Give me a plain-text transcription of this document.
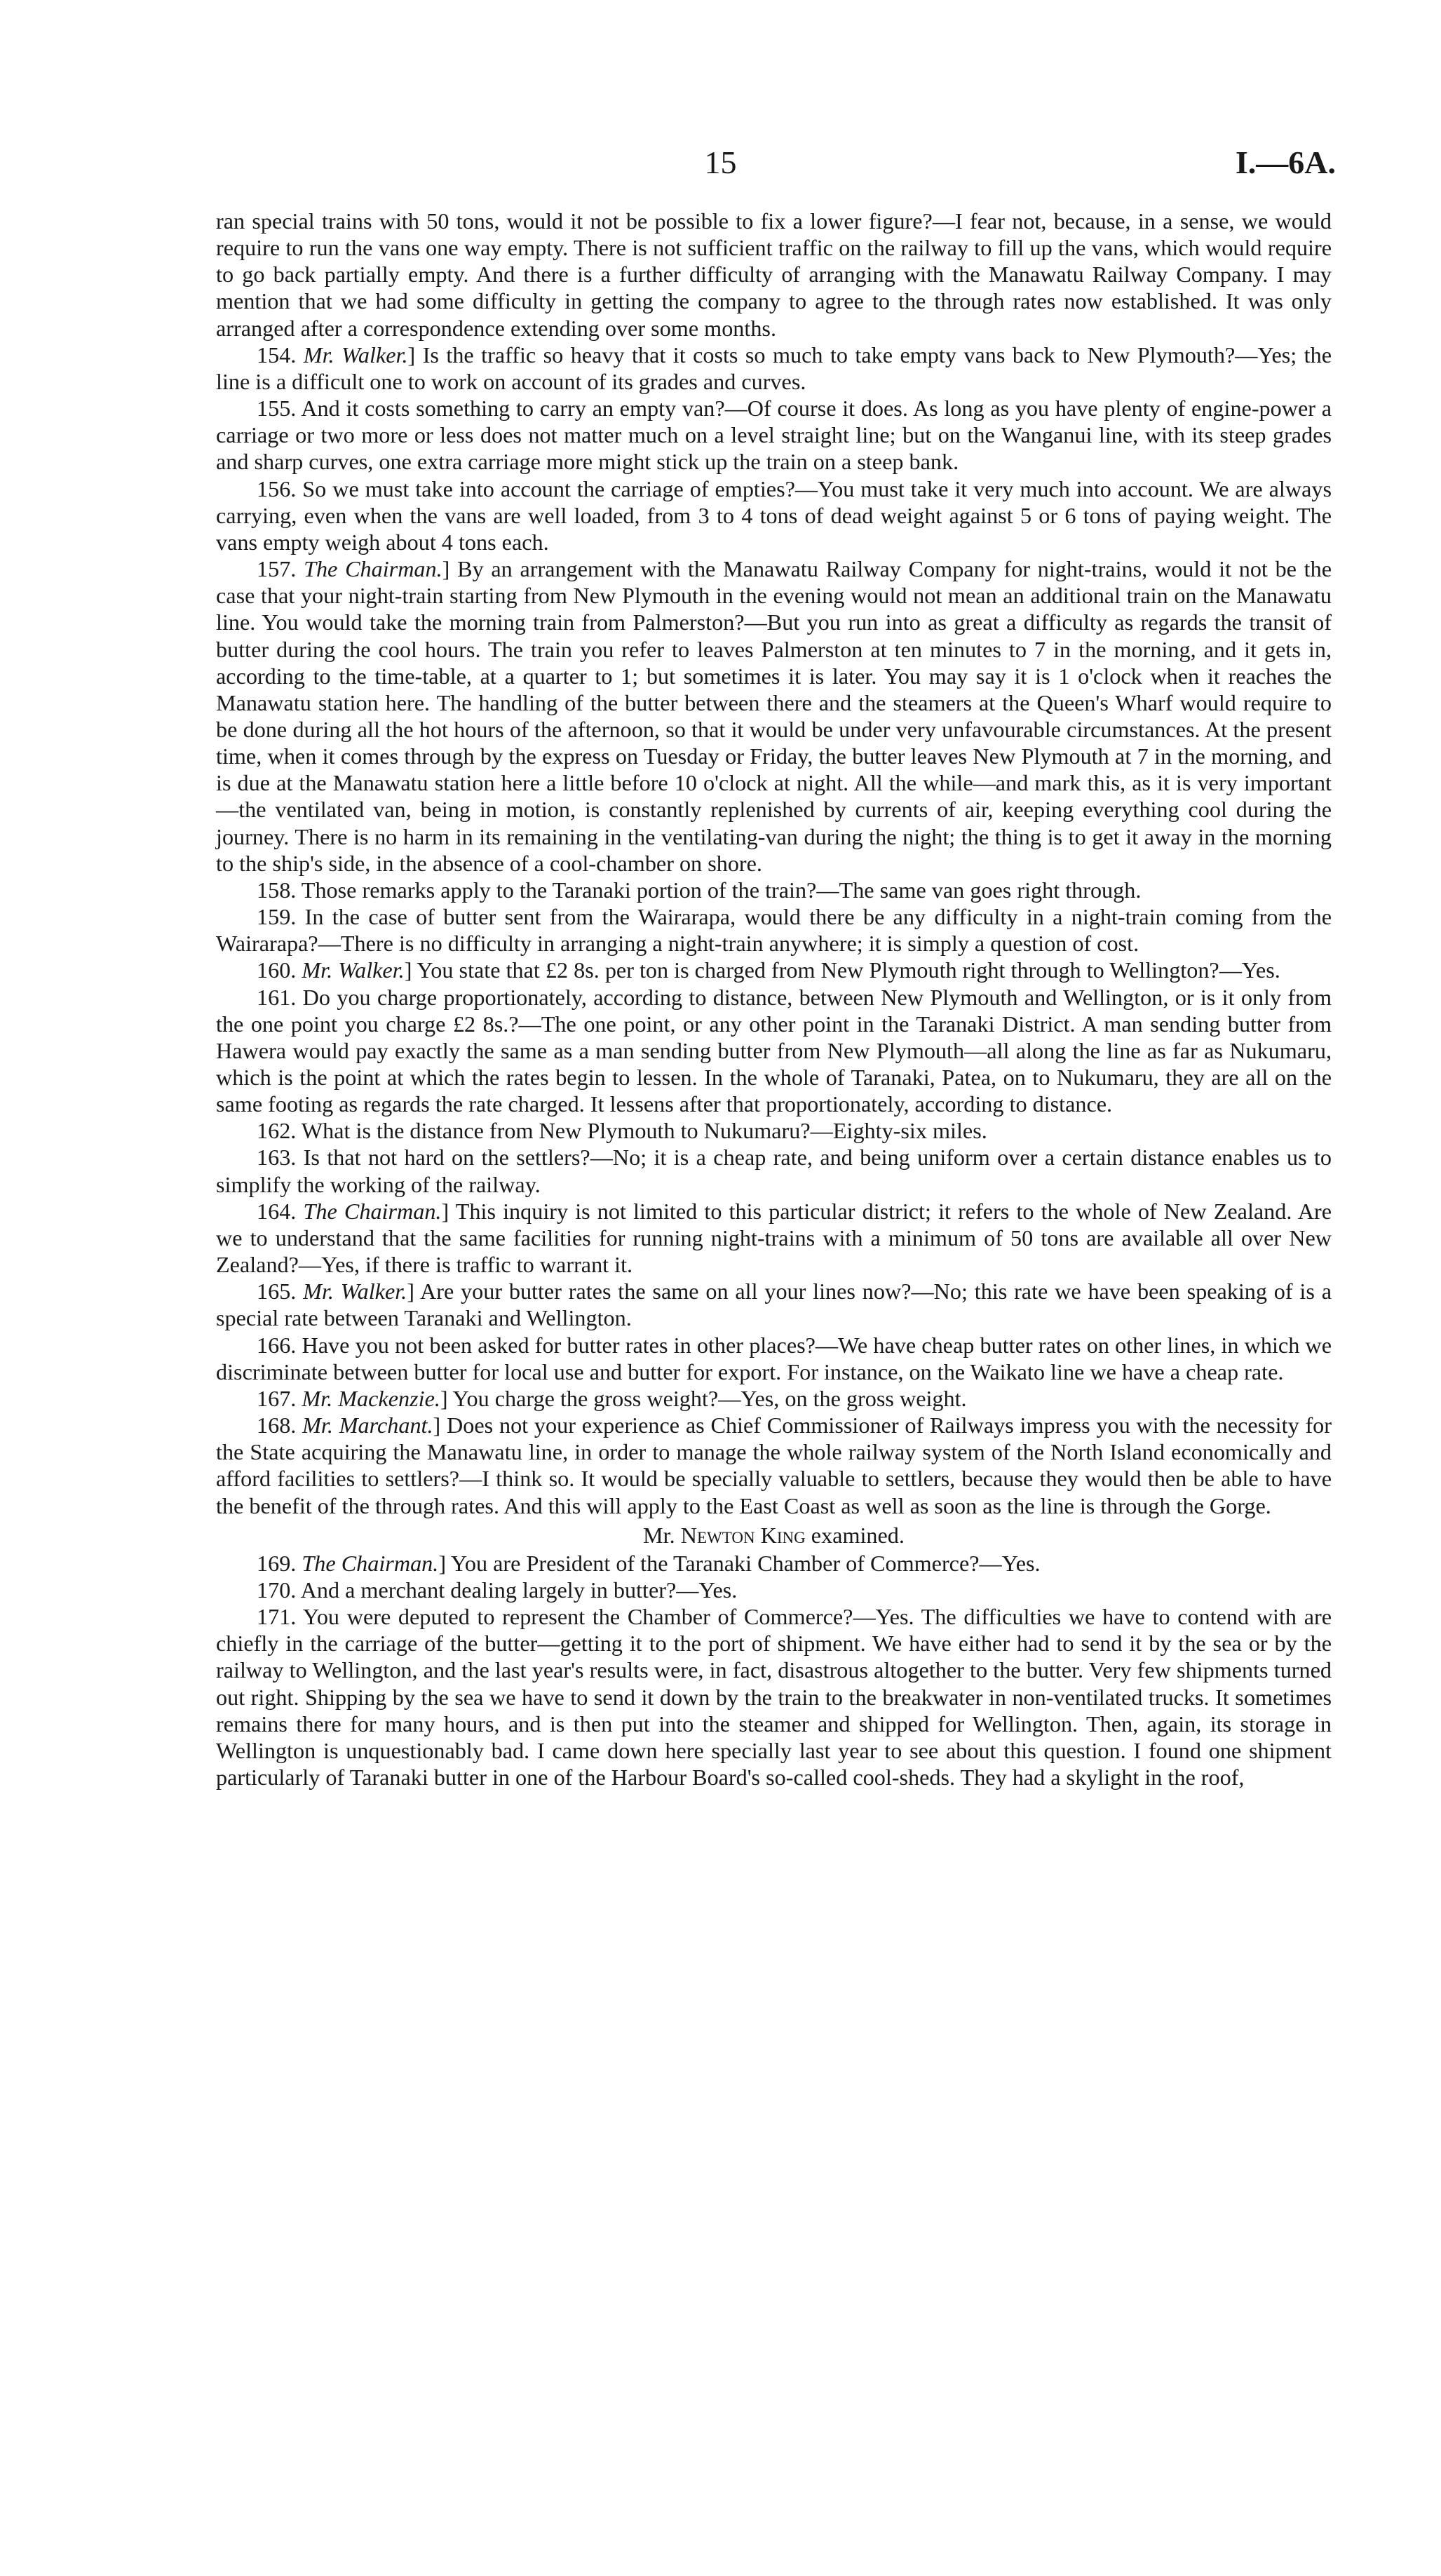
15	I.—6A.

ran special trains with 50 tons, would it not be possible to fix a lower figure?—I fear not, because, in a sense, we would require to run the vans one way empty. There is not sufficient traffic on the railway to fill up the vans, which would require to go back partially empty. And there is a further difficulty of arranging with the Manawatu Railway Company. I may mention that we had some difficulty in getting the company to agree to the through rates now established. It was only arranged after a correspondence extending over some months.

154. Mr. Walker.] Is the traffic so heavy that it costs so much to take empty vans back to New Plymouth?—Yes; the line is a difficult one to work on account of its grades and curves.

155. And it costs something to carry an empty van?—Of course it does. As long as you have plenty of engine-power a carriage or two more or less does not matter much on a level straight line; but on the Wanganui line, with its steep grades and sharp curves, one extra carriage more might stick up the train on a steep bank.

156. So we must take into account the carriage of empties?—You must take it very much into account. We are always carrying, even when the vans are well loaded, from 3 to 4 tons of dead weight against 5 or 6 tons of paying weight. The vans empty weigh about 4 tons each.

157. The Chairman.] By an arrangement with the Manawatu Railway Company for night-trains, would it not be the case that your night-train starting from New Plymouth in the evening would not mean an additional train on the Manawatu line. You would take the morning train from Palmerston?—But you run into as great a difficulty as regards the transit of butter during the cool hours. The train you refer to leaves Palmerston at ten minutes to 7 in the morning, and it gets in, according to the time-table, at a quarter to 1; but sometimes it is later. You may say it is 1 o'clock when it reaches the Manawatu station here. The handling of the butter between there and the steamers at the Queen's Wharf would require to be done during all the hot hours of the afternoon, so that it would be under very unfavourable circumstances. At the present time, when it comes through by the express on Tuesday or Friday, the butter leaves New Plymouth at 7 in the morning, and is due at the Manawatu station here a little before 10 o'clock at night. All the while—and mark this, as it is very important—the ventilated van, being in motion, is constantly replenished by currents of air, keeping everything cool during the journey. There is no harm in its remaining in the ventilating-van during the night; the thing is to get it away in the morning to the ship's side, in the absence of a cool-chamber on shore.

158. Those remarks apply to the Taranaki portion of the train?—The same van goes right through.

159. In the case of butter sent from the Wairarapa, would there be any difficulty in a night-train coming from the Wairarapa?—There is no difficulty in arranging a night-train anywhere; it is simply a question of cost.

160. Mr. Walker.] You state that £2 8s. per ton is charged from New Plymouth right through to Wellington?—Yes.

161. Do you charge proportionately, according to distance, between New Plymouth and Wellington, or is it only from the one point you charge £2 8s.?—The one point, or any other point in the Taranaki District. A man sending butter from Hawera would pay exactly the same as a man sending butter from New Plymouth—all along the line as far as Nukumaru, which is the point at which the rates begin to lessen. In the whole of Taranaki, Patea, on to Nukumaru, they are all on the same footing as regards the rate charged. It lessens after that proportionately, according to distance.

162. What is the distance from New Plymouth to Nukumaru?—Eighty-six miles.

163. Is that not hard on the settlers?—No; it is a cheap rate, and being uniform over a certain distance enables us to simplify the working of the railway.

164. The Chairman.] This inquiry is not limited to this particular district; it refers to the whole of New Zealand. Are we to understand that the same facilities for running night-trains with a minimum of 50 tons are available all over New Zealand?—Yes, if there is traffic to warrant it.

165. Mr. Walker.] Are your butter rates the same on all your lines now?—No; this rate we have been speaking of is a special rate between Taranaki and Wellington.

166. Have you not been asked for butter rates in other places?—We have cheap butter rates on other lines, in which we discriminate between butter for local use and butter for export. For instance, on the Waikato line we have a cheap rate.

167. Mr. Mackenzie.] You charge the gross weight?—Yes, on the gross weight.

168. Mr. Marchant.] Does not your experience as Chief Commissioner of Railways impress you with the necessity for the State acquiring the Manawatu line, in order to manage the whole railway system of the North Island economically and afford facilities to settlers?—I think so. It would be specially valuable to settlers, because they would then be able to have the benefit of the through rates. And this will apply to the East Coast as well as soon as the line is through the Gorge.

Mr. Newton King examined.

169. The Chairman.] You are President of the Taranaki Chamber of Commerce?—Yes.

170. And a merchant dealing largely in butter?—Yes.

171. You were deputed to represent the Chamber of Commerce?—Yes. The difficulties we have to contend with are chiefly in the carriage of the butter—getting it to the port of shipment. We have either had to send it by the sea or by the railway to Wellington, and the last year's results were, in fact, disastrous altogether to the butter. Very few shipments turned out right. Shipping by the sea we have to send it down by the train to the breakwater in non-ventilated trucks. It sometimes remains there for many hours, and is then put into the steamer and shipped for Wellington. Then, again, its storage in Wellington is unquestionably bad. I came down here specially last year to see about this question. I found one shipment particularly of Taranaki butter in one of the Harbour Board's so-called cool-sheds. They had a skylight in the roof,
